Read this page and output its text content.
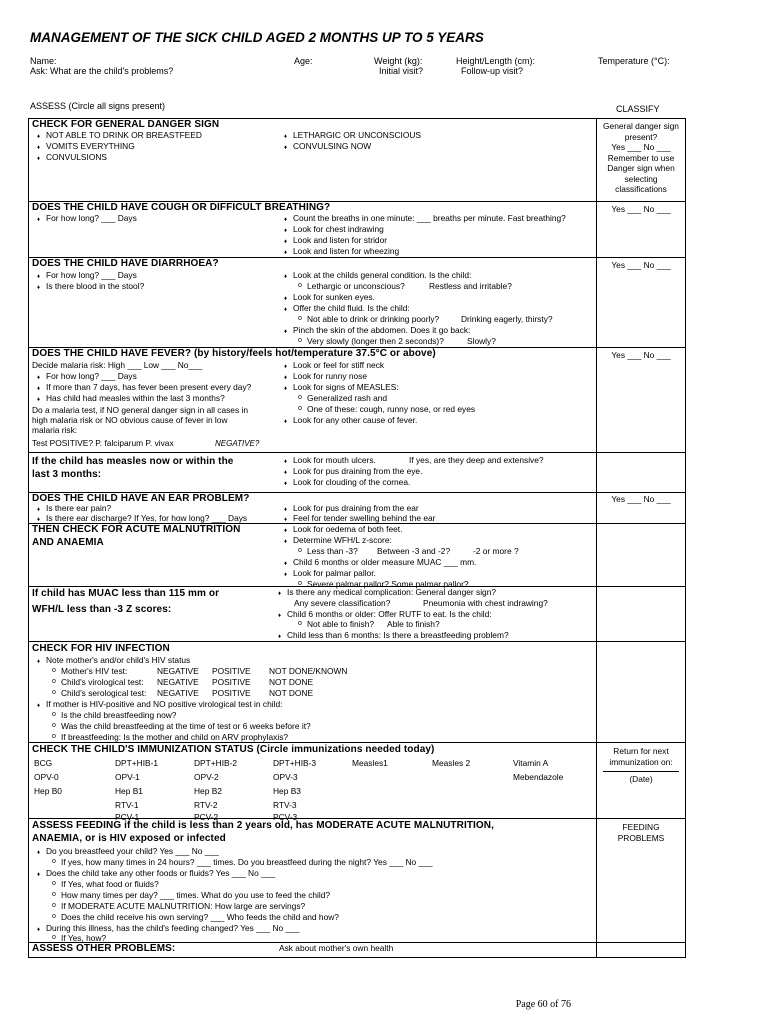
MANAGEMENT OF THE SICK CHILD AGED 2 MONTHS UP TO 5 YEARS
Name:
Ask: What are the child's problems?
Age:	Weight (kg):
Initial visit?
Height/Length (cm):
Follow-up visit?
Temperature (°C):
ASSESS (Circle all signs present)	CLASSIFY
CHECK FOR GENERAL DANGER SIGN
♦ NOT ABLE TO DRINK OR BREASTFEED
♦ VOMITS EVERYTHING
♦ CONVULSIONS
♦ LETHARGIC OR UNCONSCIOUS
♦ CONVULSING NOW
General danger sign
present?
Yes ___ No ___
Remember to use
Danger sign when
selecting
classifications
DOES THE CHILD HAVE COUGH OR DIFFICULT BREATHING?
♦ For how long? ___ Days
♦	Count the breaths in one minute: ___ breaths per minute. Fast breathing?
♦ Look for chest indrawing
♦ Look and listen for stridor
♦ Look and listen for wheezing
Yes ___ No ___
DOES THE CHILD HAVE DIARRHOEA?
♦ For how long? ___ Days
♦ Is there blood in the stool?
♦ Look at the childs general condition. Is the child:
o Lethargic or unconscious?	Restless and irritable?
♦ Look for sunken eyes.
♦ Offer the child fluid. Is the child:
o Not able to drink or drinking poorly?	Drinking eagerly, thirsty?
♦ Pinch the skin of the abdomen. Does it go back:
o Very slowly (longer then 2 seconds)?	Slowly?
Yes ___ No ___
DOES THE CHILD HAVE FEVER? (by history/feels hot/temperature 37.5°C or above)
Decide malaria risk: High ___ Low ___ No___
♦ For how long? ___ Days
♦ If more than 7 days, has fever been present every day?
♦ Has child had measles within the last 3 months?
Do a malaria test, if NO general danger sign in all cases in
high malaria risk or NO obvious cause of fever in low
malaria risk:
Test POSITIVE? P. falciparum P. vivax	NEGATIVE?
♦ Look or feel for stiff neck
♦ Look for runny nose
♦ Look for signs of MEASLES:
o Generalized rash and
o One of these: cough, runny nose, or red eyes
♦ Look for any other cause of fever.
Yes ___ No ___
If the child has measles now or within the
last 3 months:
♦ Look for mouth ulcers.	If yes, are they deep and extensive?
♦ Look for pus draining from the eye.
♦ Look for clouding of the cornea.
DOES THE CHILD HAVE AN EAR PROBLEM?
♦ Is there ear pain?
♦ Is there ear discharge? If Yes, for how long? ___ Days
♦ Look for pus draining from the ear
♦ Feel for tender swelling behind the ear
Yes ___ No ___
THEN CHECK FOR ACUTE MALNUTRITION
AND ANAEMIA
♦ Look for oedema of both feet.
♦ Determine WFH/L z-score:
o Less than -3? Between -3 and -2?	-2 or more ?
♦ Child 6 months or older measure MUAC ___ mm.
♦ Look for palmar pallor.
o Severe palmar pallor? Some palmar pallor?
If child has MUAC less than 115 mm or
WFH/L less than -3 Z scores:
♦ Is there any medical complication: General danger sign?
Any severe classification?	Pneumonia with chest indrawing?
♦ Child 6 months or older: Offer RUTF to eat. Is the child:
o Not able to finish? Able to finish?
♦ Child less than 6 months: Is there a breastfeeding problem?
CHECK FOR HIV INFECTION
♦ Note mother's and/or child's HIV status
o Mother's HIV test:	NEGATIVE POSITIVE NOT DONE/KNOWN
o Child's virological test: NEGATIVE POSITIVE NOT DONE
o Child's serological test: NEGATIVE POSITIVE NOT DONE
♦ If mother is HIV-positive and NO positive virological test in child:
o Is the child breastfeeding now?
o Was the child breastfeeding at the time of test or 6 weeks before it?
o If breastfeeding: Is the mother and child on ARV prophylaxis?
CHECK THE CHILD'S IMMUNIZATION STATUS (Circle immunizations needed today)
BCG
OPV-0
Hep B0
DPT+HIB-1
OPV-1
Hep B1
RTV-1
PCV-1
DPT+HIB-2
OPV-2
Hep B2
RTV-2
PCV-2
DPT+HIB-3
OPV-3
Hep B3
RTV-3
PCV-3
Measles1	Measles 2	Vitamin A
Mebendazole
Return for next
immunization on:
(Date)
ASSESS FEEDING if the child is less than 2 years old, has MODERATE ACUTE MALNUTRITION,
ANAEMIA, or is HIV exposed or infected
♦ Do you breastfeed your child? Yes ___ No ___
o If yes, how many times in 24 hours? ___ times. Do you breastfeed during the night? Yes ___ No ___
♦ Does the child take any other foods or fluids? Yes ___ No ___
o If Yes, what food or fluids?
o How many times per day? ___ times. What do you use to feed the child?
o If MODERATE ACUTE MALNUTRITION: How large are servings?
o Does the child receive his own serving? ___ Who feeds the child and how?
♦ During this illness, has the child's feeding changed? Yes ___ No ___
o If Yes, how?
FEEDING
PROBLEMS
ASSESS OTHER PROBLEMS:	Ask about mother's own health
Page 60 of 76
